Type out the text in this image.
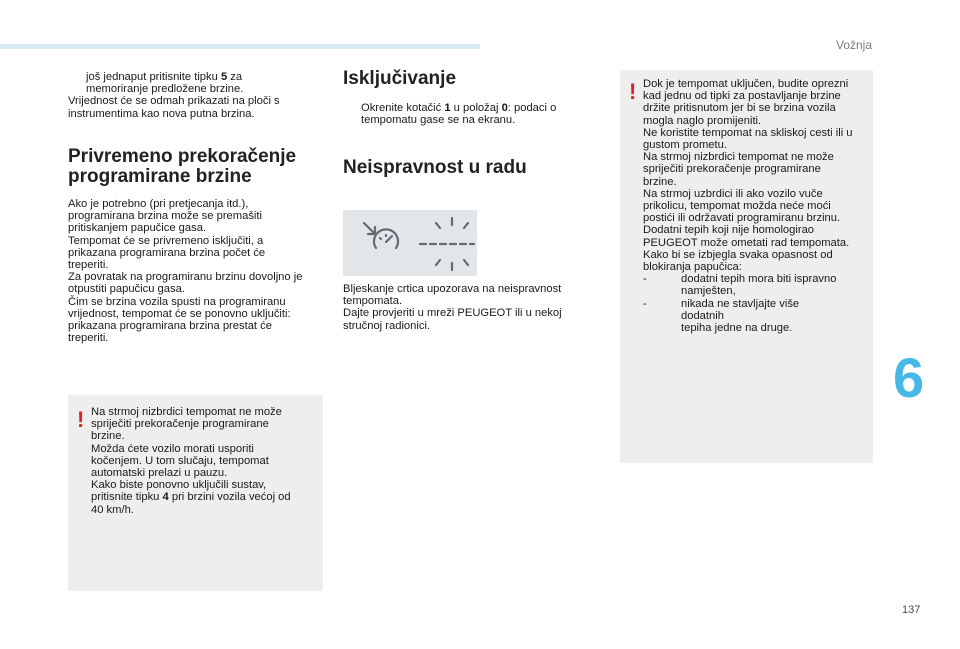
Vožnja
6
137
još jednaput pritisnite tipku 5 za
memoriranje predložene brzine.
Vrijednost će se odmah prikazati na ploči s
instrumentima kao nova putna brzina.
Privremeno prekoračenje
programirane brzine
Ako je potrebno (pri pretjecanja itd.),
programirana brzina može se premašiti
pritiskanjem papučice gasa.
Tempomat će se privremeno isključiti, a
prikazana programirana brzina počet će
treperiti.
Za povratak na programiranu brzinu dovoljno je
otpustiti papučicu gasa.
Čim se brzina vozila spusti na programiranu
vrijednost, tempomat će se ponovno uključiti:
prikazana programirana brzina prestat će
treperiti.
! Na strmoj nizbrdici tempomat ne može
spriječiti prekoračenje programirane
brzine.
Možda ćete vozilo morati usporiti
kočenjem. U tom slučaju, tempomat
automatski prelazi u pauzu.
Kako biste ponovno uključili sustav,
pritisnite tipku 4 pri brzini vozila većoj od
40 km/h.
Isključivanje
Okrenite kotačić 1 u položaj 0: podaci o
tempomatu gase se na ekranu.
Neispravnost u radu
Bljeskanje crtica upozorava na neispravnost
tempomata.
Dajte provjeriti u mreži PEUGEOT ili u nekoj
stručnoj radionici.
! Dok je tempomat uključen, budite oprezni
kad jednu od tipki za postavljanje brzine
držite pritisnutom jer bi se brzina vozila
mogla naglo promijeniti.
Ne koristite tempomat na skliskoj cesti ili u
gustom prometu.
Na strmoj nizbrdici tempomat ne može
spriječiti prekoračenje programirane
brzine.
Na strmoj uzbrdici ili ako vozilo vuče
prikolicu, tempomat možda neće moći
postići ili održavati programiranu brzinu.
Dodatni tepih koji nije homologirao
PEUGEOT može ometati rad tempomata.
Kako bi se izbjegla svaka opasnost od
blokiranja papučica:
-	dodatni tepih mora biti ispravno
namješten,
-	nikada ne stavljajte više dodatnih
tepiha jedne na druge.
